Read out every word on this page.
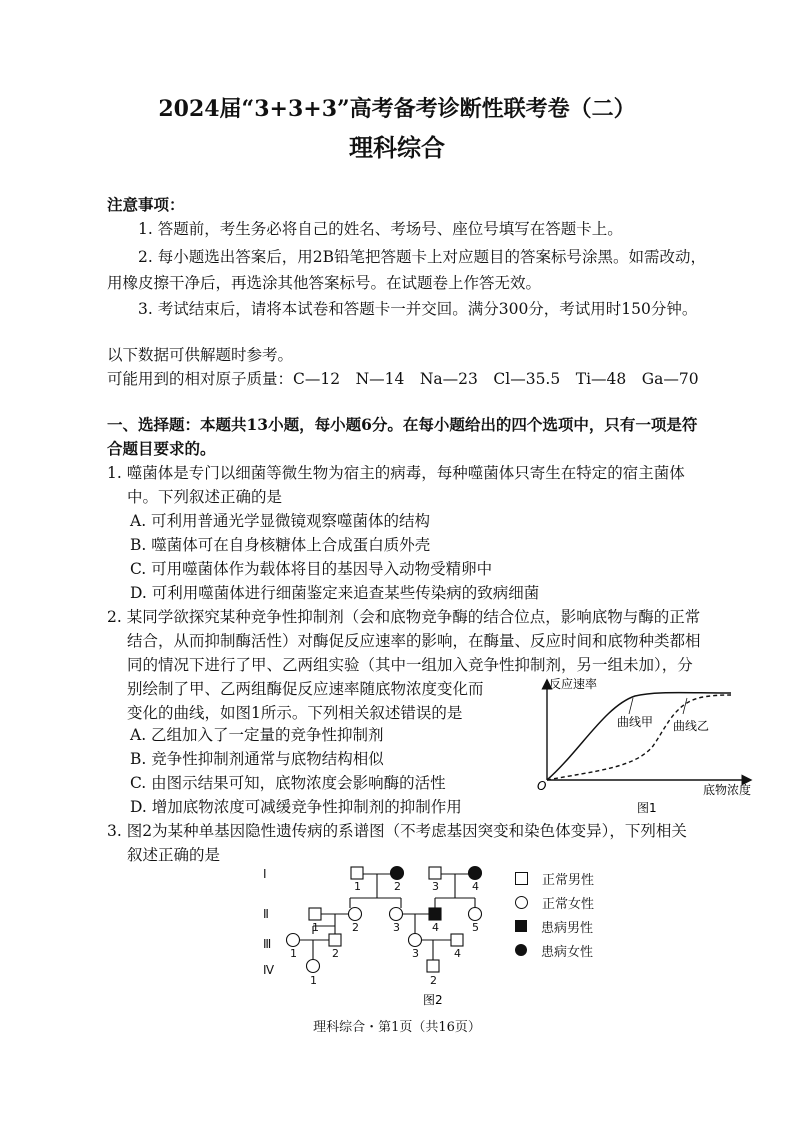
2024届“3+3+3”高考备考诊断性联考卷（二）
理科综合
注意事项：
1. 答题前，考生务必将自己的姓名、考场号、座位号填写在答题卡上。
2. 每小题选出答案后，用2B铅笔把答题卡上对应题目的答案标号涂黑。如需改动，
用橡皮擦干净后，再选涂其他答案标号。在试题卷上作答无效。
3. 考试结束后，请将本试卷和答题卡一并交回。满分300分，考试用时150分钟。
以下数据可供解题时参考。
可能用到的相对原子质量：C—12　N—14　Na—23　Cl—35.5　Ti—48　Ga—70
一、选择题：本题共13小题，每小题6分。在每小题给出的四个选项中，只有一项是符
合题目要求的。
1. 噬菌体是专门以细菌等微生物为宿主的病毒，每种噬菌体只寄生在特定的宿主菌体
中。下列叙述正确的是
A. 可利用普通光学显微镜观察噬菌体的结构
B. 噬菌体可在自身核糖体上合成蛋白质外壳
C. 可用噬菌体作为载体将目的基因导入动物受精卵中
D. 可利用噬菌体进行细菌鉴定来追查某些传染病的致病细菌
2. 某同学欲探究某种竞争性抑制剂（会和底物竞争酶的结合位点，影响底物与酶的正常
结合，从而抑制酶活性）对酶促反应速率的影响，在酶量、反应时间和底物种类都相
同的情况下进行了甲、乙两组实验（其中一组加入竞争性抑制剂，另一组未加），分
别绘制了甲、乙两组酶促反应速率随底物浓度变化而
变化的曲线，如图1所示。下列相关叙述错误的是
A. 乙组加入了一定量的竞争性抑制剂
B. 竞争性抑制剂通常与底物结构相似
C. 由图示结果可知，底物浓度会影响酶的活性
D. 增加底物浓度可减缓竞争性抑制剂的抑制作用
反应速率
O	底物浓度
曲线甲 曲线乙
图1
3. 图2为某种单基因隐性遗传病的系谱图（不考虑基因突变和染色体变异），下列相关
叙述正确的是
Ⅰ
Ⅱ
Ⅲ
Ⅳ
1	2	3	4
1	2	3	4	5
1	2	3	4
1	2
图2
正常男性
正常女性
患病男性
患病女性
理科综合・第1页（共16页）
